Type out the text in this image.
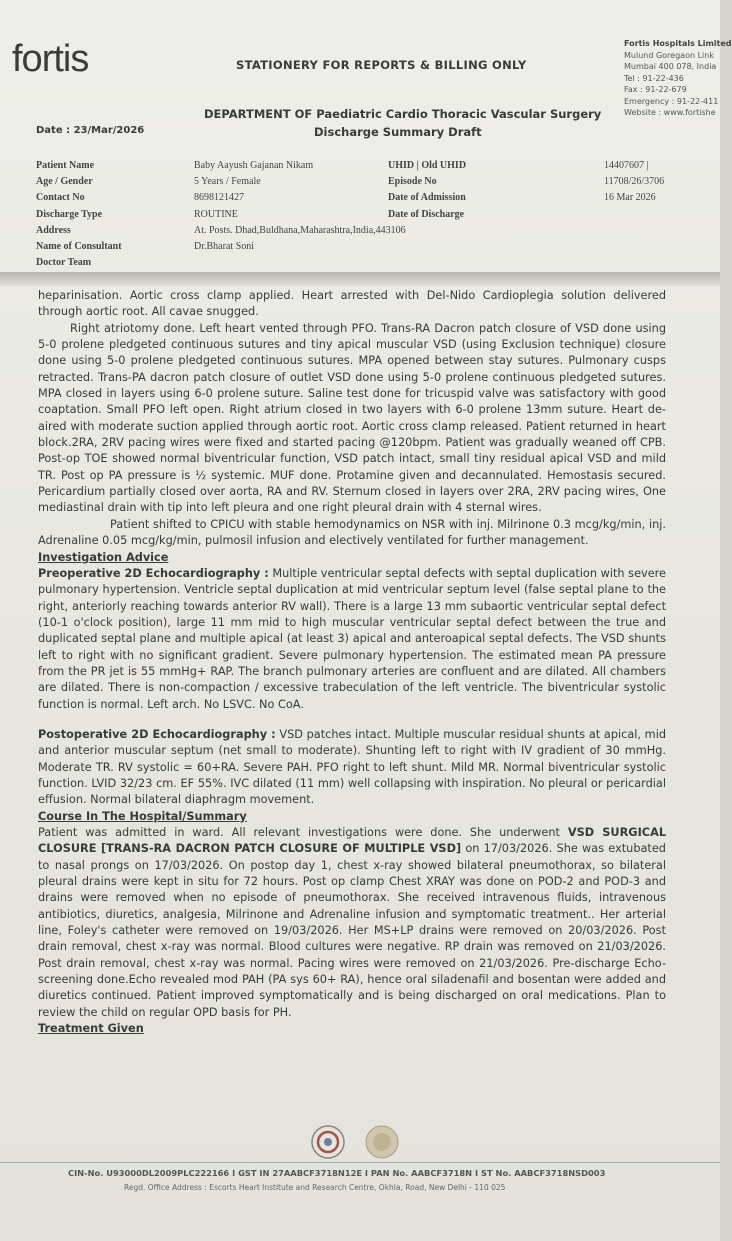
fortis	STATIONERY FOR REPORTS & BILLING ONLY
Fortis Hospitals Limited
Mulund Goregaon Link
Mumbai 400 078, India
Tel : 91-22-436
Fax : 91-22-679
Emergency : 91-22-411
Website : www.fortishe
DEPARTMENT OF Paediatric Cardio Thoracic Vascular Surgery
Date : 23/Mar/2026	Discharge Summary Draft
Patient Name
Age / Gender
Contact No
Discharge Type
Address
Name of Consultant
Doctor Team
Baby Aayush Gajanan Nikam
5 Years / Female
8698121427
ROUTINE
At. Posts. Dhad,Buldhana,Maharashtra,India,443106
Dr.Bharat Soni
UHID | Old UHID
Episode No
Date of Admission
Date of Discharge
14407607 |
11708/26/3706
16 Mar 2026

heparinisation. Aortic cross clamp applied. Heart arrested with Del-Nido Cardioplegia solution delivered through aortic root. All cavae snugged.

Right atriotomy done. Left heart vented through PFO. Trans-RA Dacron patch closure of VSD done using 5-0 prolene pledgeted continuous sutures and tiny apical muscular VSD (using Exclusion technique) closure done using 5-0 prolene pledgeted continuous sutures. MPA opened between stay sutures. Pulmonary cusps retracted. Trans-PA dacron patch closure of outlet VSD done using 5-0 prolene continuous pledgeted sutures. MPA closed in layers using 6-0 prolene suture. Saline test done for tricuspid valve was satisfactory with good coaptation. Small PFO left open. Right atrium closed in two layers with 6-0 prolene 13mm suture. Heart de-aired with moderate suction applied through aortic root. Aortic cross clamp released. Patient returned in heart block.2RA, 2RV pacing wires were fixed and started pacing @120bpm. Patient was gradually weaned off CPB. Post-op TOE showed normal biventricular function, VSD patch intact, small tiny residual apical VSD and mild TR. Post op PA pressure is ½ systemic. MUF done. Protamine given and decannulated. Hemostasis secured. Pericardium partially closed over aorta, RA and RV. Sternum closed in layers over 2RA, 2RV pacing wires, One mediastinal drain with tip into left pleura and one right pleural drain with 4 sternal wires.

Patient shifted to CPICU with stable hemodynamics on NSR with inj. Milrinone 0.3 mcg/kg/min, inj. Adrenaline 0.05 mcg/kg/min, pulmosil infusion and electively ventilated for further management.

Investigation Advice

Preoperative 2D Echocardiography : Multiple ventricular septal defects with septal duplication with severe pulmonary hypertension. Ventricle septal duplication at mid ventricular septum level (false septal plane to the right, anteriorly reaching towards anterior RV wall). There is a large 13 mm subaortic ventricular septal defect (10-1 o'clock position), large 11 mm mid to high muscular ventricular septal defect between the true and duplicated septal plane and multiple apical (at least 3) apical and anteroapical septal defects. The VSD shunts left to right with no significant gradient. Severe pulmonary hypertension. The estimated mean PA pressure from the PR jet is 55 mmHg+ RAP. The branch pulmonary arteries are confluent and are dilated. All chambers are dilated. There is non-compaction / excessive trabeculation of the left ventricle. The biventricular systolic function is normal. Left arch. No LSVC. No CoA.

Postoperative 2D Echocardiography : VSD patches intact. Multiple muscular residual shunts at apical, mid and anterior muscular septum (net small to moderate). Shunting left to right with IV gradient of 30 mmHg. Moderate TR. RV systolic = 60+RA. Severe PAH. PFO right to left shunt. Mild MR. Normal biventricular systolic function. LVID 32/23 cm. EF 55%. IVC dilated (11 mm) well collapsing with inspiration. No pleural or pericardial effusion. Normal bilateral diaphragm movement.

Course In The Hospital/Summary

Patient was admitted in ward. All relevant investigations were done. She underwent VSD SURGICAL CLOSURE [TRANS-RA DACRON PATCH CLOSURE OF MULTIPLE VSD] on 17/03/2026. She was extubated to nasal prongs on 17/03/2026. On postop day 1, chest x-ray showed bilateral pneumothorax, so bilateral pleural drains were kept in situ for 72 hours. Post op clamp Chest XRAY was done on POD-2 and POD-3 and drains were removed when no episode of pneumothorax. She received intravenous fluids, intravenous antibiotics, diuretics, analgesia, Milrinone and Adrenaline infusion and symptomatic treatment.. Her arterial line, Foley's catheter were removed on 19/03/2026. Her MS+LP drains were removed on 20/03/2026. Post drain removal, chest x-ray was normal. Blood cultures were negative. RP drain was removed on 21/03/2026. Post drain removal, chest x-ray was normal. Pacing wires were removed on 21/03/2026. Pre-discharge Echo-screening done.Echo revealed mod PAH (PA sys 60+ RA), hence oral siladenafil and bosentan were added and diuretics continued. Patient improved symptomatically and is being discharged on oral medications. Plan to review the child on regular OPD basis for PH.

Treatment Given
CIN-No. U93000DL2009PLC222166 I GST IN 27AABCF3718N12E I PAN No. AABCF3718N I ST No. AABCF3718NSD003
Regd. Office Address : Escorts Heart Institute and Research Centre, Okhla, Road, New Delhi - 110 025
